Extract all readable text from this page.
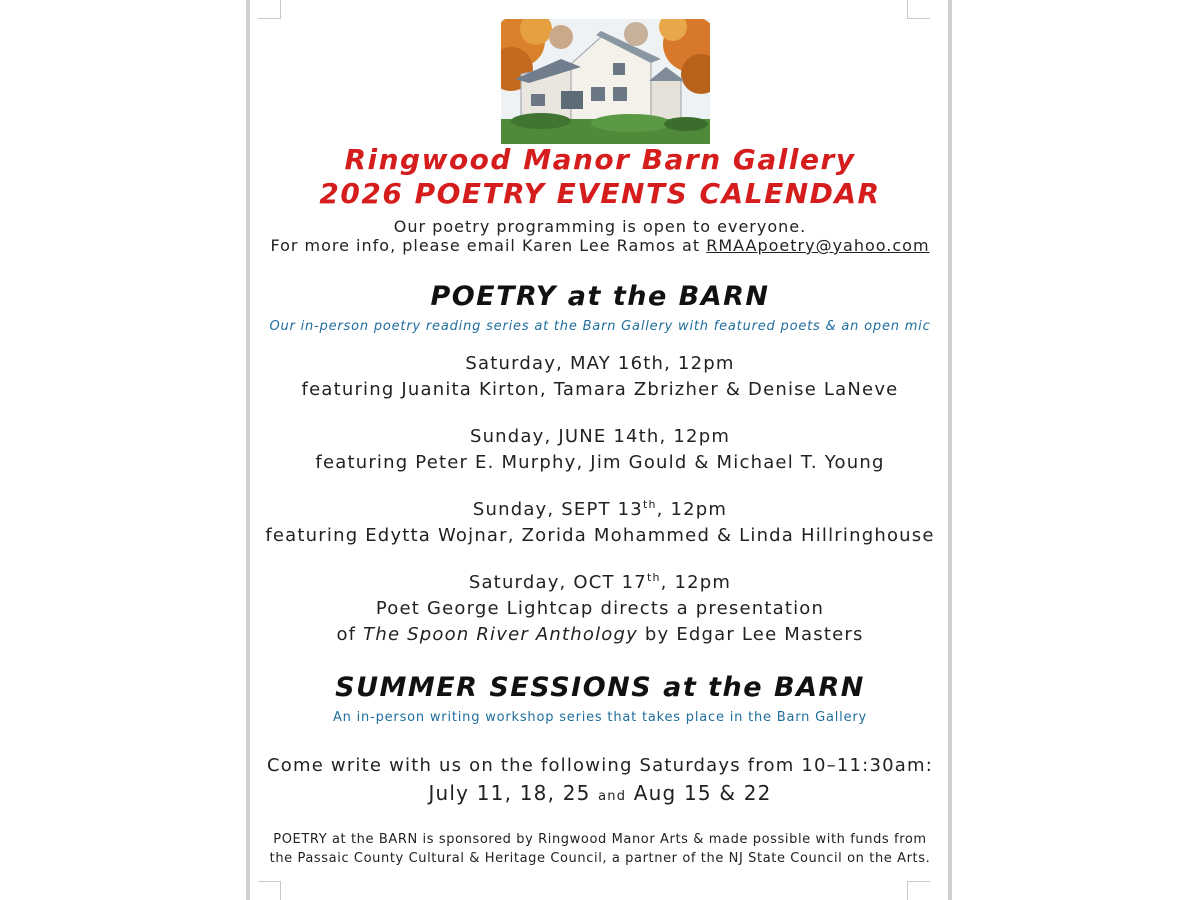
Ringwood Manor Barn Gallery
2026 POETRY EVENTS CALENDAR
Our poetry programming is open to everyone.
For more info, please email Karen Lee Ramos at RMAApoetry@yahoo.com
POETRY at the BARN
Our in-person poetry reading series at the Barn Gallery with featured poets & an open mic
Saturday, MAY 16th, 12pm
featuring Juanita Kirton, Tamara Zbrizher & Denise LaNeve
Sunday, JUNE 14th, 12pm
featuring Peter E. Murphy, Jim Gould & Michael T. Young
Sunday, SEPT 13th, 12pm
featuring Edytta Wojnar, Zorida Mohammed & Linda Hillringhouse
Saturday, OCT 17th, 12pm
Poet George Lightcap directs a presentation
of The Spoon River Anthology by Edgar Lee Masters
SUMMER SESSIONS at the BARN
An in-person writing workshop series that takes place in the Barn Gallery
Come write with us on the following Saturdays from 10–11:30am:
July 11, 18, 25 and Aug 15 & 22
POETRY at the BARN is sponsored by Ringwood Manor Arts & made possible with funds from
the Passaic County Cultural & Heritage Council, a partner of the NJ State Council on the Arts.
